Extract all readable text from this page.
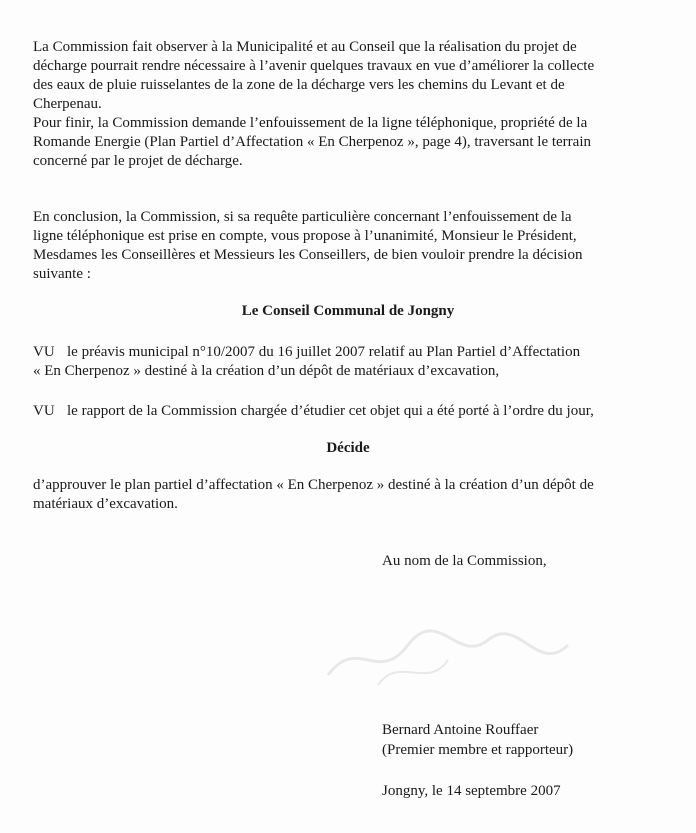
La Commission fait observer à la Municipalité et au Conseil que la réalisation du projet de
décharge pourrait rendre nécessaire à l’avenir quelques travaux en vue d’améliorer la collecte
des eaux de pluie ruisselantes de la zone de la décharge vers les chemins du Levant et de
Cherpenau.
Pour finir, la Commission demande l’enfouissement de la ligne téléphonique, propriété de la
Romande Energie (Plan Partiel d’Affectation « En Cherpenoz », page 4), traversant le terrain
concerné par le projet de décharge.

En conclusion, la Commission, si sa requête particulière concernant l’enfouissement de la
ligne téléphonique est prise en compte, vous propose à l’unanimité, Monsieur le Président,
Mesdames les Conseillères et Messieurs les Conseillers, de bien vouloir prendre la décision
suivante :

Le Conseil Communal de Jongny

VU le préavis municipal n°10/2007 du 16 juillet 2007 relatif au Plan Partiel d’Affectation
« En Cherpenoz » destiné à la création d’un dépôt de matériaux d’excavation,

VU le rapport de la Commission chargée d’étudier cet objet qui a été porté à l’ordre du jour,

Décide

d’approuver le plan partiel d’affectation « En Cherpenoz » destiné à la création d’un dépôt de
matériaux d’excavation.

Au nom de la Commission,

Bernard Antoine Rouffaer
(Premier membre et rapporteur)

Jongny, le 14 septembre 2007
